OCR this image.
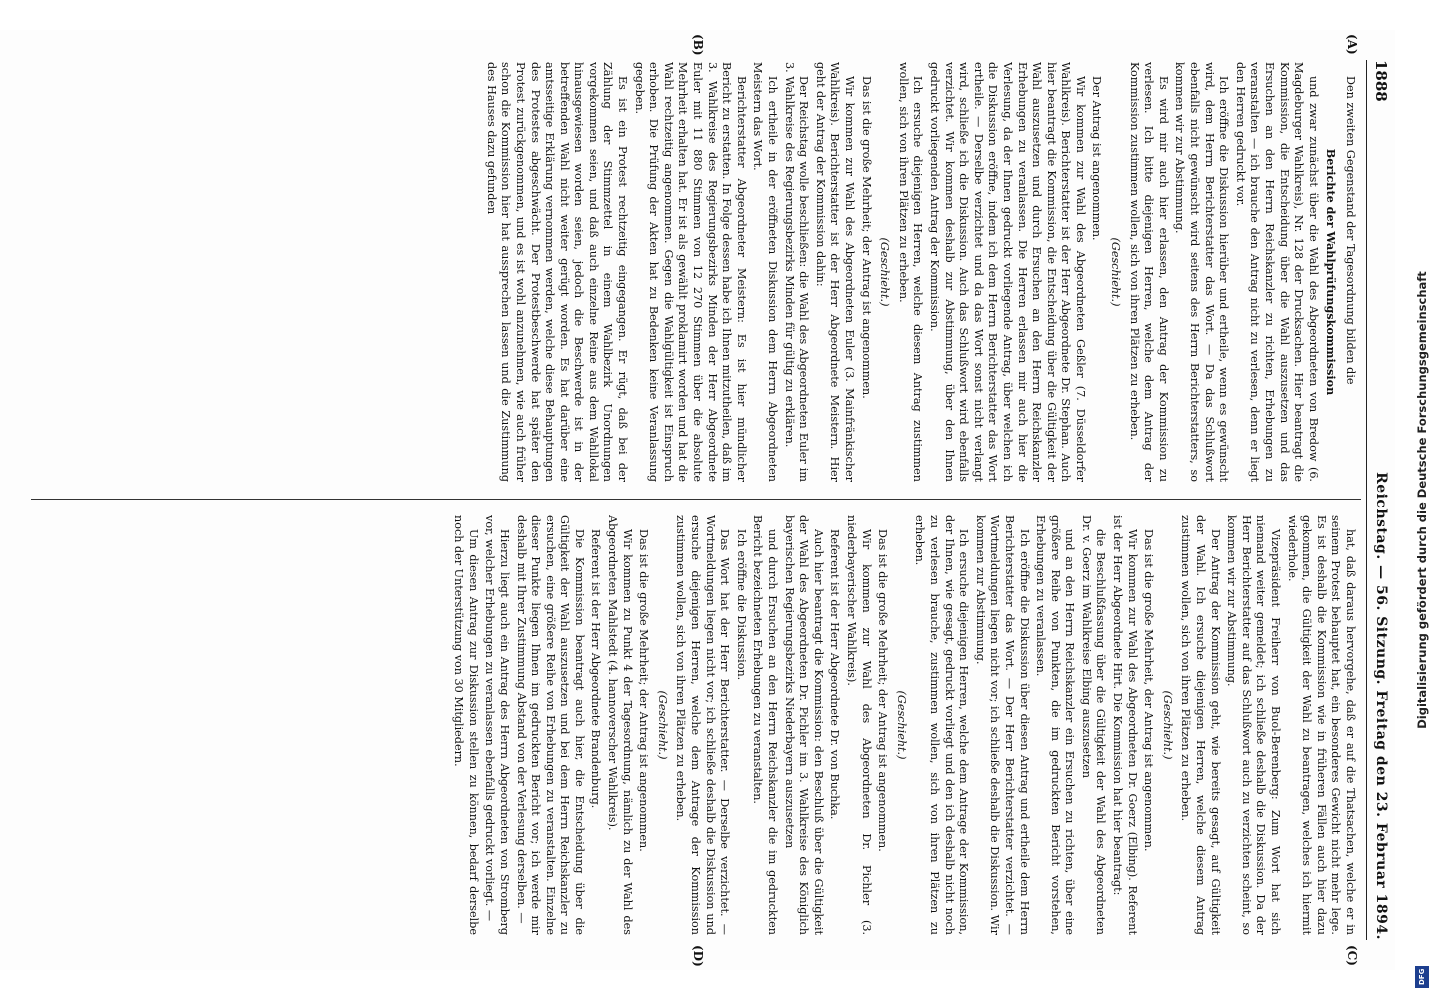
1888
Reichstag. — 56. Sitzung. Freitag den 23. Februar 1894.
(A)
(B)
(C)
(D)

Den zweiten Gegenstand der Tagesordnung bilden die

Berichte der Wahlprüfungskommission

und zwar zunächst über die Wahl des Abgeordneten von Bredow (6. Magdeburger Wahlkreis), Nr. 128 der Drucksachen. Hier beantragt die Kommission, die Entscheidung über die Wahl auszusetzen und das Ersuchen an den Herrn Reichskanzler zu richten, Erhebungen zu veranstalten — ich brauche den Antrag nicht zu verlesen, denn er liegt den Herren gedruckt vor.

Ich eröffne die Diskussion hierüber und ertheile, wenn es gewünscht wird, dem Herrn Berichterstatter das Wort. — Da das Schlußwort ebenfalls nicht gewünscht wird seitens des Herrn Berichterstatters, so kommen wir zur Abstimmung.

Es wird mir auch hier erlassen, den Antrag der Kommission zu verlesen. Ich bitte diejenigen Herren, welche dem Antrag der Kommission zustimmen wollen, sich von ihren Plätzen zu erheben.

(Geschieht.)

Der Antrag ist angenommen.

Wir kommen zur Wahl des Abgeordneten Geßler (7. Düsseldorfer Wahlkreis). Berichterstatter ist der Herr Abgeordnete Dr. Stephan. Auch hier beantragt die Kommission, die Entscheidung über die Gültigkeit der Wahl auszusetzen und durch Ersuchen an den Herrn Reichskanzler Erhebungen zu veranlassen. Die Herren erlassen mir auch hier die Verlesung, da der Ihnen gedruckt vorliegende Antrag, über welchen ich die Diskussion eröffne, indem ich dem Herrn Berichterstatter das Wort ertheile. — Derselbe verzichtet und da das Wort sonst nicht verlangt wird, schließe ich die Diskussion. Auch das Schlußwort wird ebenfalls verzichtet. Wir kommen deshalb zur Abstimmung, über den Ihnen gedruckt vorliegenden Antrag der Kommission.

Ich ersuche diejenigen Herren, welche diesem Antrag zustimmen wollen, sich von ihren Plätzen zu erheben.

(Geschieht.)

Das ist die große Mehrheit; der Antrag ist angenommen.

Wir kommen zur Wahl des Abgeordneten Euler (3. Mainfränkischer Wahlkreis). Berichterstatter ist der Herr Abgeordnete Meistern. Hier geht der Antrag der Kommission dahin:

Der Reichstag wolle beschließen: die Wahl des Abgeordneten Euler im 3. Wahlkreise des Regierungsbezirks Minden für gültig zu erklären.

Ich ertheile in der eröffneten Diskussion dem Herrn Abgeordneten Meistern das Wort.

Berichterstatter Abgeordneter Meistern: Es ist hier mündlicher Bericht zu erstatten. In Folge dessen habe ich Ihnen mitzutheilen, daß im 3. Wahlkreise des Regierungsbezirks Minden der Herr Abgeordnete Euler mit 11 880 Stimmen von 12 270 Stimmen über die absolute Mehrheit erhalten hat. Er ist als gewählt proklamirt worden und hat die Wahl rechtzeitig angenommen. Gegen die Wahlgültigkeit ist Einspruch erhoben. Die Prüfung der Akten hat zu Bedenken keine Veranlassung gegeben.

Es ist ein Protest rechtzeitig eingegangen. Er rügt, daß bei der Zählung der Stimmzettel in einem Wahlbezirk Unordnungen vorgekommen seien, und daß auch einzelne Reine aus dem Wahllokal hinausgewiesen worden seien, jedoch die Beschwerde ist in der betreffenden Wahl nicht weiter gerügt worden. Es hat darüber eine amtsseitige Erklärung vernommen werden, welche diese Behauptungen des Protestes abgeschwächt. Der Protestbeschwerde hat später den Protest zurückgenommen, und es ist wohl anzunehmen, wie auch früher schon die Kommission hier hat aussprechen lassen und die Zustimmung des Hauses dazu gefunden

hat, daß daraus hervorgehe, daß er auf die Thatsachen, welche er in seinem Protest behauptet hat, ein besonderes Gewicht nicht mehr lege. Es ist deshalb die Kommission wie in früheren Fällen auch hier dazu gekommen, die Gültigkeit der Wahl zu beantragen, welches ich hiermit wiederhole.

Vizepräsident Freiherr von Buol-Berenberg: Zum Wort hat sich niemand weiter gemeldet; ich schließe deshalb die Diskussion. Da der Herr Berichterstatter auf das Schlußwort auch zu verzichten scheint, so kommen wir zur Abstimmung.

Der Antrag der Kommission geht, wie bereits gesagt, auf Gültigkeit der Wahl. Ich ersuche diejenigen Herren, welche diesem Antrag zustimmen wollen, sich von ihren Plätzen zu erheben.

(Geschieht.)

Das ist die große Mehrheit, der Antrag ist angenommen.

Wir kommen zur Wahl des Abgeordneten Dr. Goerz (Elbing). Referent ist der Herr Abgeordnete Hirt. Die Kommission hat hier beantragt:

die Beschlußfassung über die Gültigkeit der Wahl des Abgeordneten Dr. v. Goerz im Wahlkreise Elbing auszusetzen

und an den Herrn Reichskanzler ein Ersuchen zu richten, über eine größere Reihe von Punkten, die im gedruckten Bericht vorstehen, Erhebungen zu veranlassen.

Ich eröffne die Diskussion über diesen Antrag und ertheile dem Herrn Berichterstatter das Wort. — Der Herr Berichterstatter verzichtet. — Wortmeldungen liegen nicht vor; ich schließe deshalb die Diskussion. Wir kommen zur Abstimmung.

Ich ersuche diejenigen Herren, welche dem Antrage der Kommission, der Ihnen, wie gesagt, gedruckt vorliegt und den ich deshalb nicht noch zu verlesen brauche, zustimmen wollen, sich von ihren Plätzen zu erheben.

(Geschieht.)

Das ist die große Mehrheit; der Antrag ist angenommen.

Wir kommen zur Wahl des Abgeordneten Dr. Pichler (3. niederbayerischer Wahlkreis).

Referent ist der Herr Abgeordnete Dr. von Buchka.

Auch hier beantragt die Kommission: den Beschluß über die Gültigkeit der Wahl des Abgeordneten Dr. Pichler im 3. Wahlkreise des Königlich bayerischen Regierungsbezirks Niederbayern auszusetzen

und durch Ersuchen an den Herrn Reichskanzler die im gedruckten Bericht bezeichneten Erhebungen zu veranstalten.

Ich eröffne die Diskussion.

Das Wort hat der Herr Berichterstatter. — Derselbe verzichtet. — Wortmeldungen liegen nicht vor; ich schließe deshalb die Diskussion und ersuche diejenigen Herren, welche dem Antrage der Kommission zustimmen wollen, sich von ihren Plätzen zu erheben.

(Geschieht.)

Das ist die große Mehrheit; der Antrag ist angenommen.

Wir kommen zu Punkt 4 der Tagesordnung, nämlich zu der Wahl des Abgeordneten Mahlstedt (4. hannoverscher Wahlkreis).

Referent ist der Herr Abgeordnete Brandenburg.

Die Kommission beantragt auch hier, die Entscheidung über die Gültigkeit der Wahl auszusetzen und bei dem Herrn Reichskanzler zu ersuchen, eine größere Reihe von Erhebungen zu veranstalten. Einzelne dieser Punkte liegen Ihnen im gedruckten Bericht vor; ich werde mir deshalb mit Ihrer Zustimmung Abstand von der Verlesung derselben. —

Hierzu liegt auch ein Antrag des Herrn Abgeordneten von Stromberg vor, welcher Erhebungen zu veranlassen ebenfalls gedruckt vorliegt. —

Um diesen Antrag zur Diskussion stellen zu können, bedarf derselbe noch der Unterstützung von 30 Mitgliedern.	Digitalisierung gefördert durch die Deutsche Forschungsgemeinschaft
DFG
